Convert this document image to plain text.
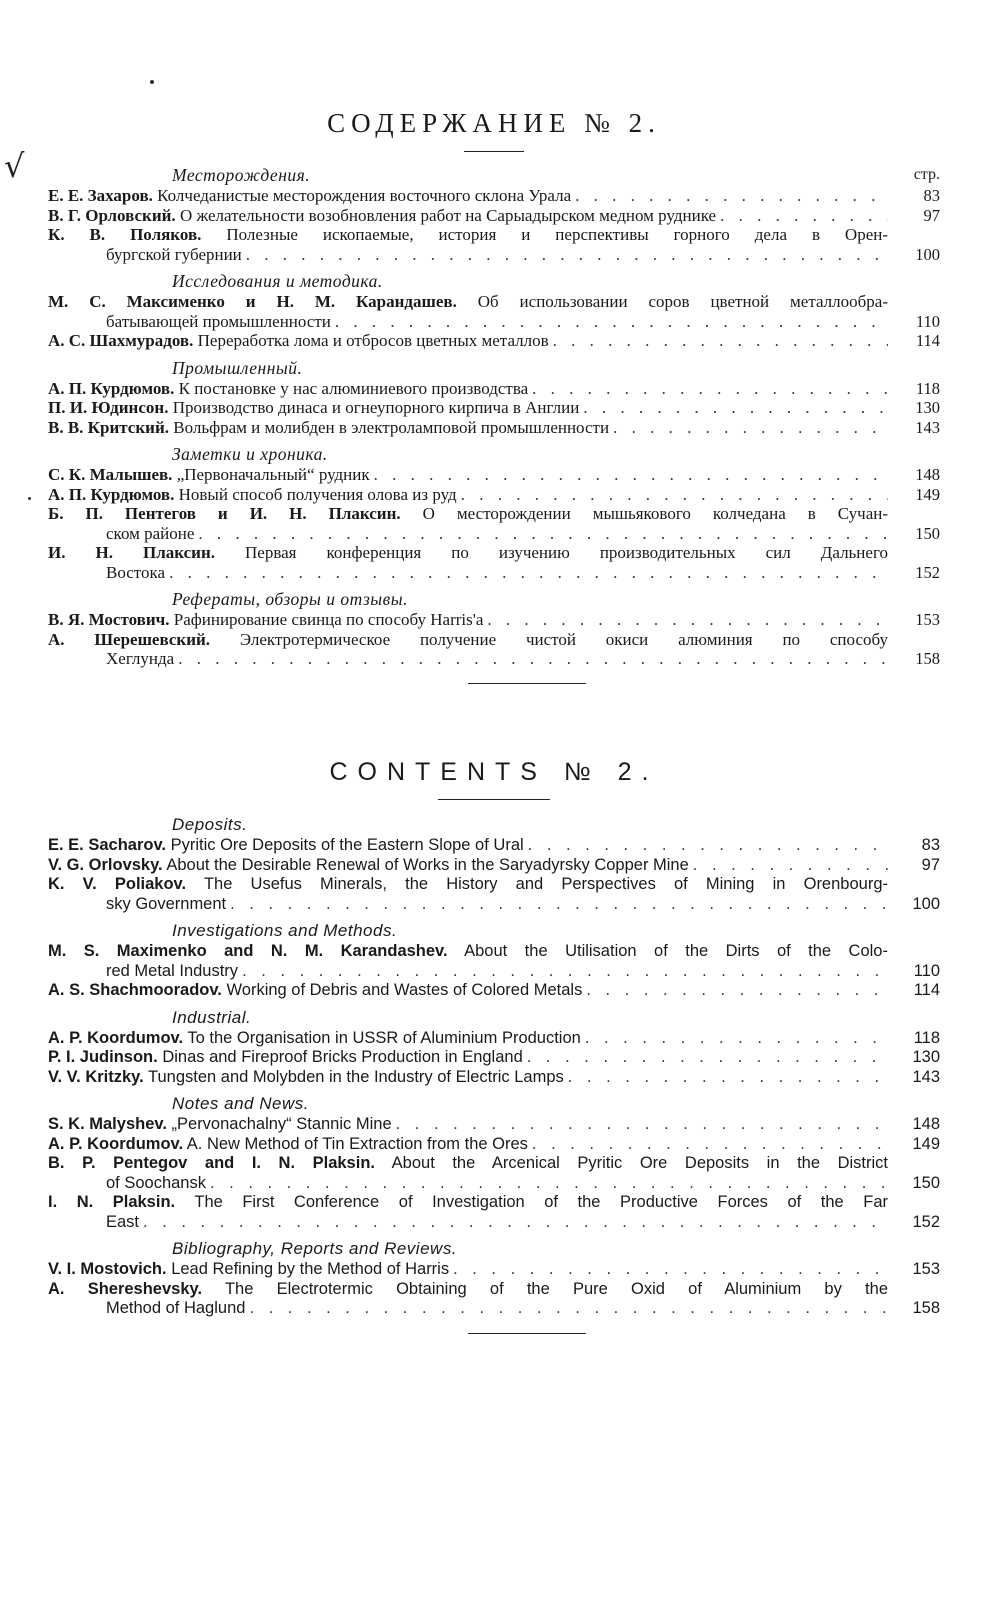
√
СОДЕРЖАНИЕ № 2.
Месторождения.	стр.
Е. Е. Захаров. Колчеданистые месторождения восточного склона Урала . . .	83
В. Г. Орловский. О желательности возобновления работ на Сарыадырском медном руднике . . .	97
К. В. Поляков. Полезные ископаемые, история и перспективы горного дела в Орен-
бургской губернии . . .	100
Исследования и методика.
М. С. Максименко и Н. М. Карандашев. Об использовании соров цветной металлообра-
батывающей промышленности . . .	110
А. С. Шахмурадов. Переработка лома и отбросов цветных металлов . . .	114
Промышленный.
А. П. Курдюмов. К постановке у нас алюминиевого производства . . .	118
П. И. Юдинсон. Производство динаса и огнеупорного кирпича в Англии . . .	130
В. В. Критский. Вольфрам и молибден в электроламповой промышленности . . .	143
Заметки и хроника.
С. К. Малышев. „Первоначальный“ рудник . . .	148
А. П. Курдюмов. Новый способ получения олова из руд . . .	149
Б. П. Пентегов и И. Н. Плаксин. О месторождении мышьякового колчедана в Сучан-
ском районе . . .	150
И. Н. Плаксин. Первая конференция по изучению производительных сил Дальнего
Востока . . .	152
Рефераты, обзоры и отзывы.
В. Я. Мостович. Рафинирование свинца по способу Harris'а . . .	153
А. Шерешевский. Электротермическое получение чистой окиси алюминия по способу
Хеглунда . . .	158
CONTENTS № 2.
Deposits.
E. E. Sacharov. Pyritic Ore Deposits of the Eastern Slope of Ural . . .	83
V. G. Orlovsky. About the Desirable Renewal of Works in the Saryadyrsky Copper Mine . . .	97
K. V. Poliakov. The Usefus Minerals, the History and Perspectives of Mining in Orenbourg-
sky Government . . .	100
Investigations and Methods.
M. S. Maximenko and N. M. Karandashev. About the Utilisation of the Dirts of the Colo-
red Metal Industry . . .	110
A. S. Shachmooradov. Working of Debris and Wastes of Colored Metals . . .	114
Industrial.
A. P. Koordumov. To the Organisation in USSR of Aluminium Production . . .	118
P. I. Judinson. Dinas and Fireproof Bricks Production in England . . .	130
V. V. Kritzky. Tungsten and Molybden in the Industry of Electric Lamps . . .	143
Notes and News.
S. K. Malyshev. „Pervonachalny“ Stannic Mine . . .	148
A. P. Koordumov. A. New Method of Tin Extraction from the Ores . . .	149
B. P. Pentegov and I. N. Plaksin. About the Arcenical Pyritic Ore Deposits in the District
of Soochansk . . .	150
I. N. Plaksin. The First Conference of Investigation of the Productive Forces of the Far
East . . .	152
Bibliography, Reports and Reviews.
V. I. Mostovich. Lead Refining by the Method of Harris . . .	153
A. Shereshevsky. The Electrotermic Obtaining of the Pure Oxid of Aluminium by the
Method of Haglund . . .	158
